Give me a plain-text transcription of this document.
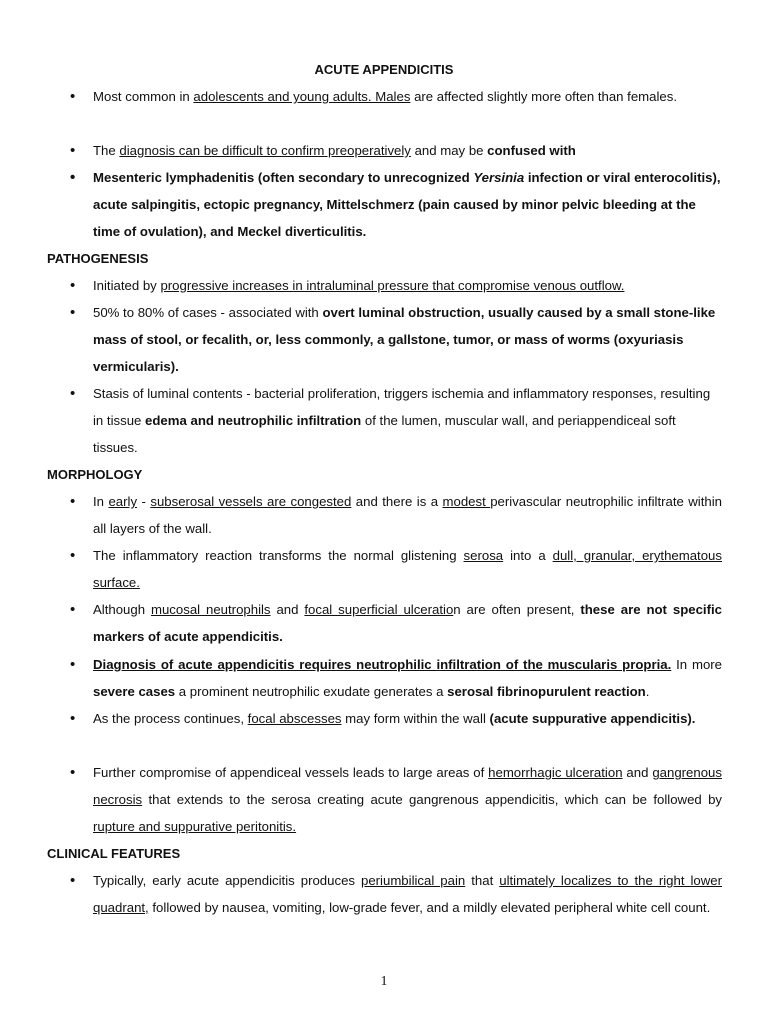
ACUTE APPENDICITIS
• Most common in adolescents and young adults. Males are affected slightly more often than females.
• The diagnosis can be difficult to confirm preoperatively and may be confused with
• Mesenteric lymphadenitis (often secondary to unrecognized Yersinia infection or viral enterocolitis), acute salpingitis, ectopic pregnancy, Mittelschmerz (pain caused by minor pelvic bleeding at the time of ovulation), and Meckel diverticulitis.
PATHOGENESIS
• Initiated by progressive increases in intraluminal pressure that compromise venous outflow.
• 50% to 80% of cases - associated with overt luminal obstruction, usually caused by a small stone-like mass of stool, or fecalith, or, less commonly, a gallstone, tumor, or mass of worms (oxyuriasis vermicularis).
• Stasis of luminal contents - bacterial proliferation, triggers ischemia and inflammatory responses, resulting in tissue edema and neutrophilic infiltration of the lumen, muscular wall, and periappendiceal soft tissues.
MORPHOLOGY
• In early - subserosal vessels are congested and there is a modest perivascular neutrophilic infiltrate within all layers of the wall.
• The inflammatory reaction transforms the normal glistening serosa into a dull, granular, erythematous surface.
• Although mucosal neutrophils and focal superficial ulceration are often present, these are not specific markers of acute appendicitis.
• Diagnosis of acute appendicitis requires neutrophilic infiltration of the muscularis propria. In more severe cases a prominent neutrophilic exudate generates a serosal fibrinopurulent reaction.
• As the process continues, focal abscesses may form within the wall (acute suppurative appendicitis).
• Further compromise of appendiceal vessels leads to large areas of hemorrhagic ulceration and gangrenous necrosis that extends to the serosa creating acute gangrenous appendicitis, which can be followed by rupture and suppurative peritonitis.
CLINICAL FEATURES
• Typically, early acute appendicitis produces periumbilical pain that ultimately localizes to the right lower quadrant, followed by nausea, vomiting, low-grade fever, and a mildly elevated peripheral white cell count.
1
